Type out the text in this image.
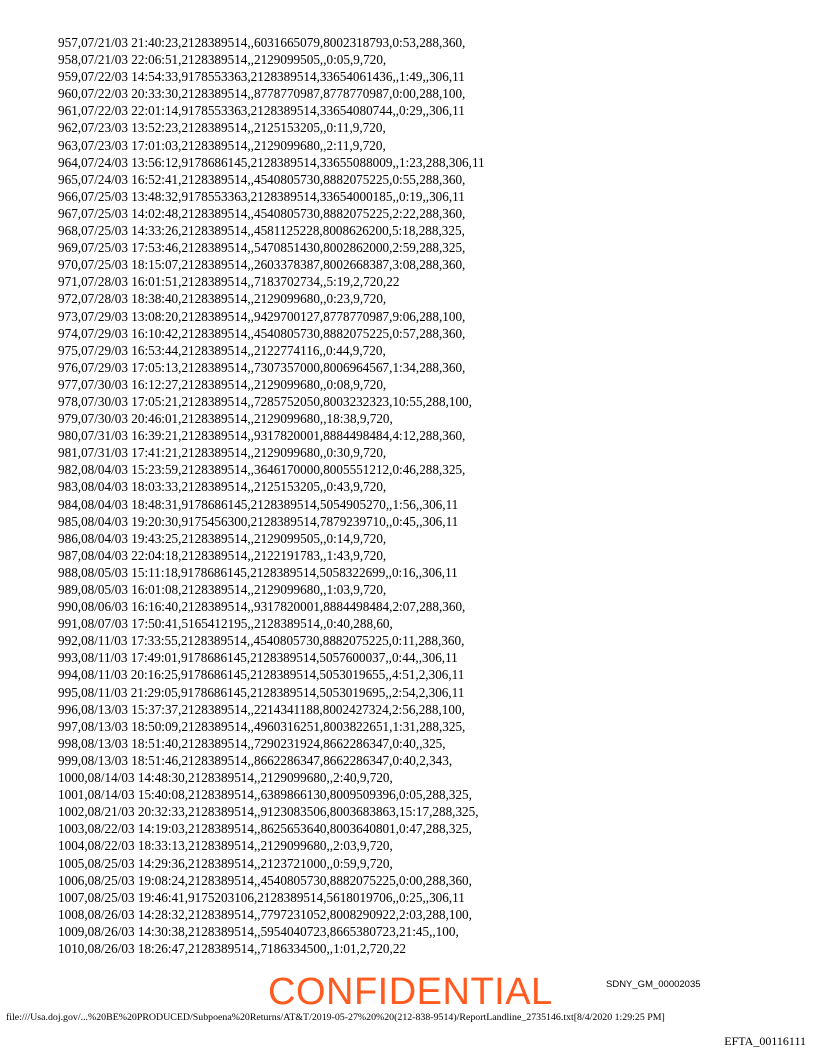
957,07/21/03 21:40:23,2128389514,,6031665079,8002318793,0:53,288,360,
958,07/21/03 22:06:51,2128389514,,2129099505,,0:05,9,720,
959,07/22/03 14:54:33,9178553363,2128389514,33654061436,,1:49,,306,11
960,07/22/03 20:33:30,2128389514,,8778770987,8778770987,0:00,288,100,
961,07/22/03 22:01:14,9178553363,2128389514,33654080744,,0:29,,306,11
962,07/23/03 13:52:23,2128389514,,2125153205,,0:11,9,720,
963,07/23/03 17:01:03,2128389514,,2129099680,,2:11,9,720,
964,07/24/03 13:56:12,9178686145,2128389514,33655088009,,1:23,288,306,11
965,07/24/03 16:52:41,2128389514,,4540805730,8882075225,0:55,288,360,
966,07/25/03 13:48:32,9178553363,2128389514,33654000185,,0:19,,306,11
967,07/25/03 14:02:48,2128389514,,4540805730,8882075225,2:22,288,360,
968,07/25/03 14:33:26,2128389514,,4581125228,8008626200,5:18,288,325,
969,07/25/03 17:53:46,2128389514,,5470851430,8002862000,2:59,288,325,
970,07/25/03 18:15:07,2128389514,,2603378387,8002668387,3:08,288,360,
971,07/28/03 16:01:51,2128389514,,7183702734,,5:19,2,720,22
972,07/28/03 18:38:40,2128389514,,2129099680,,0:23,9,720,
973,07/29/03 13:08:20,2128389514,,9429700127,8778770987,9:06,288,100,
974,07/29/03 16:10:42,2128389514,,4540805730,8882075225,0:57,288,360,
975,07/29/03 16:53:44,2128389514,,2122774116,,0:44,9,720,
976,07/29/03 17:05:13,2128389514,,7307357000,8006964567,1:34,288,360,
977,07/30/03 16:12:27,2128389514,,2129099680,,0:08,9,720,
978,07/30/03 17:05:21,2128389514,,7285752050,8003232323,10:55,288,100,
979,07/30/03 20:46:01,2128389514,,2129099680,,18:38,9,720,
980,07/31/03 16:39:21,2128389514,,9317820001,8884498484,4:12,288,360,
981,07/31/03 17:41:21,2128389514,,2129099680,,0:30,9,720,
982,08/04/03 15:23:59,2128389514,,3646170000,8005551212,0:46,288,325,
983,08/04/03 18:03:33,2128389514,,2125153205,,0:43,9,720,
984,08/04/03 18:48:31,9178686145,2128389514,5054905270,,1:56,,306,11
985,08/04/03 19:20:30,9175456300,2128389514,7879239710,,0:45,,306,11
986,08/04/03 19:43:25,2128389514,,2129099505,,0:14,9,720,
987,08/04/03 22:04:18,2128389514,,2122191783,,1:43,9,720,
988,08/05/03 15:11:18,9178686145,2128389514,5058322699,,0:16,,306,11
989,08/05/03 16:01:08,2128389514,,2129099680,,1:03,9,720,
990,08/06/03 16:16:40,2128389514,,9317820001,8884498484,2:07,288,360,
991,08/07/03 17:50:41,5165412195,,2128389514,,0:40,288,60,
992,08/11/03 17:33:55,2128389514,,4540805730,8882075225,0:11,288,360,
993,08/11/03 17:49:01,9178686145,2128389514,5057600037,,0:44,,306,11
994,08/11/03 20:16:25,9178686145,2128389514,5053019655,,4:51,2,306,11
995,08/11/03 21:29:05,9178686145,2128389514,5053019695,,2:54,2,306,11
996,08/13/03 15:37:37,2128389514,,2214341188,8002427324,2:56,288,100,
997,08/13/03 18:50:09,2128389514,,4960316251,8003822651,1:31,288,325,
998,08/13/03 18:51:40,2128389514,,7290231924,8662286347,0:40,,325,
999,08/13/03 18:51:46,2128389514,,8662286347,8662286347,0:40,2,343,
1000,08/14/03 14:48:30,2128389514,,2129099680,,2:40,9,720,
1001,08/14/03 15:40:08,2128389514,,6389866130,8009509396,0:05,288,325,
1002,08/21/03 20:32:33,2128389514,,9123083506,8003683863,15:17,288,325,
1003,08/22/03 14:19:03,2128389514,,8625653640,8003640801,0:47,288,325,
1004,08/22/03 18:33:13,2128389514,,2129099680,,2:03,9,720,
1005,08/25/03 14:29:36,2128389514,,2123721000,,0:59,9,720,
1006,08/25/03 19:08:24,2128389514,,4540805730,8882075225,0:00,288,360,
1007,08/25/03 19:46:41,9175203106,2128389514,5618019706,,0:25,,306,11
1008,08/26/03 14:28:32,2128389514,,7797231052,8008290922,2:03,288,100,
1009,08/26/03 14:30:38,2128389514,,5954040723,8665380723,21:45,,100,
1010,08/26/03 18:26:47,2128389514,,7186334500,,1:01,2,720,22
SDNY_GM_00002035
CONFIDENTIAL
file:///Usa.doj.gov/...%20BE%20PRODUCED/Subpoena%20Returns/AT&T/2019-05-27%20%20(212-838-9514)/ReportLandline_2735146.txt[8/4/2020 1:29:25 PM]
EFTA_00116111
